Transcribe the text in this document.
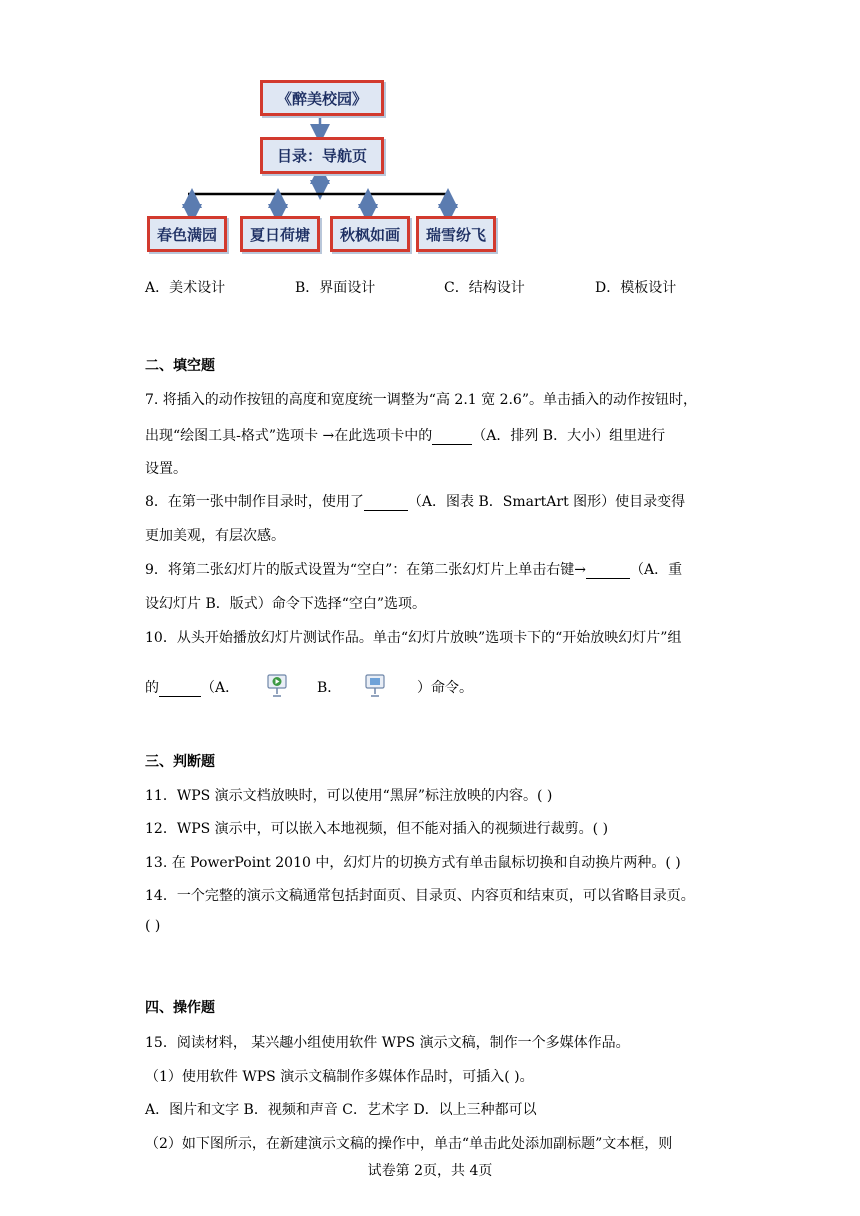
《醉美校园》
目录：导航页
春色满园	夏日荷塘	秋枫如画	瑞雪纷飞
A．美术设计	B．界面设计	C．结构设计	D．模板设计
二、填空题
7. 将插入的动作按钮的高度和宽度统一调整为“高 2.1 宽 2.6”。单击插入的动作按钮时，
出现“绘图工具-格式”选项卡 →在此选项卡中的	（A．排列 B．大小）组里进行
设置。
8．在第一张中制作目录时，使用了	（A．图表 B．SmartArt 图形）使目录变得
更加美观，有层次感。
9．将第二张幻灯片的版式设置为“空白”：在第二张幻灯片上单击右键→	（A．重
设幻灯片 B．版式）命令下选择“空白”选项。
10．从头开始播放幻灯片测试作品。单击“幻灯片放映”选项卡下的“开始放映幻灯片”组
的	（A．	B．	）命令。
三、判断题
11．WPS 演示文档放映时，可以使用“黑屏”标注放映的内容。( )
12．WPS 演示中，可以嵌入本地视频，但不能对插入的视频进行裁剪。( )
13. 在 PowerPoint 2010 中，幻灯片的切换方式有单击鼠标切换和自动换片两种。( )
14．一个完整的演示文稿通常包括封面页、目录页、内容页和结束页，可以省略目录页。
( )
四、操作题
15．阅读材料， 某兴趣小组使用软件 WPS 演示文稿，制作一个多媒体作品。
（1）使用软件 WPS 演示文稿制作多媒体作品时，可插入( )。
A．图片和文字 B．视频和声音 C．艺术字 D．以上三种都可以
（2）如下图所示，在新建演示文稿的操作中，单击“单击此处添加副标题”文本框，则
试卷第 2页，共 4页
